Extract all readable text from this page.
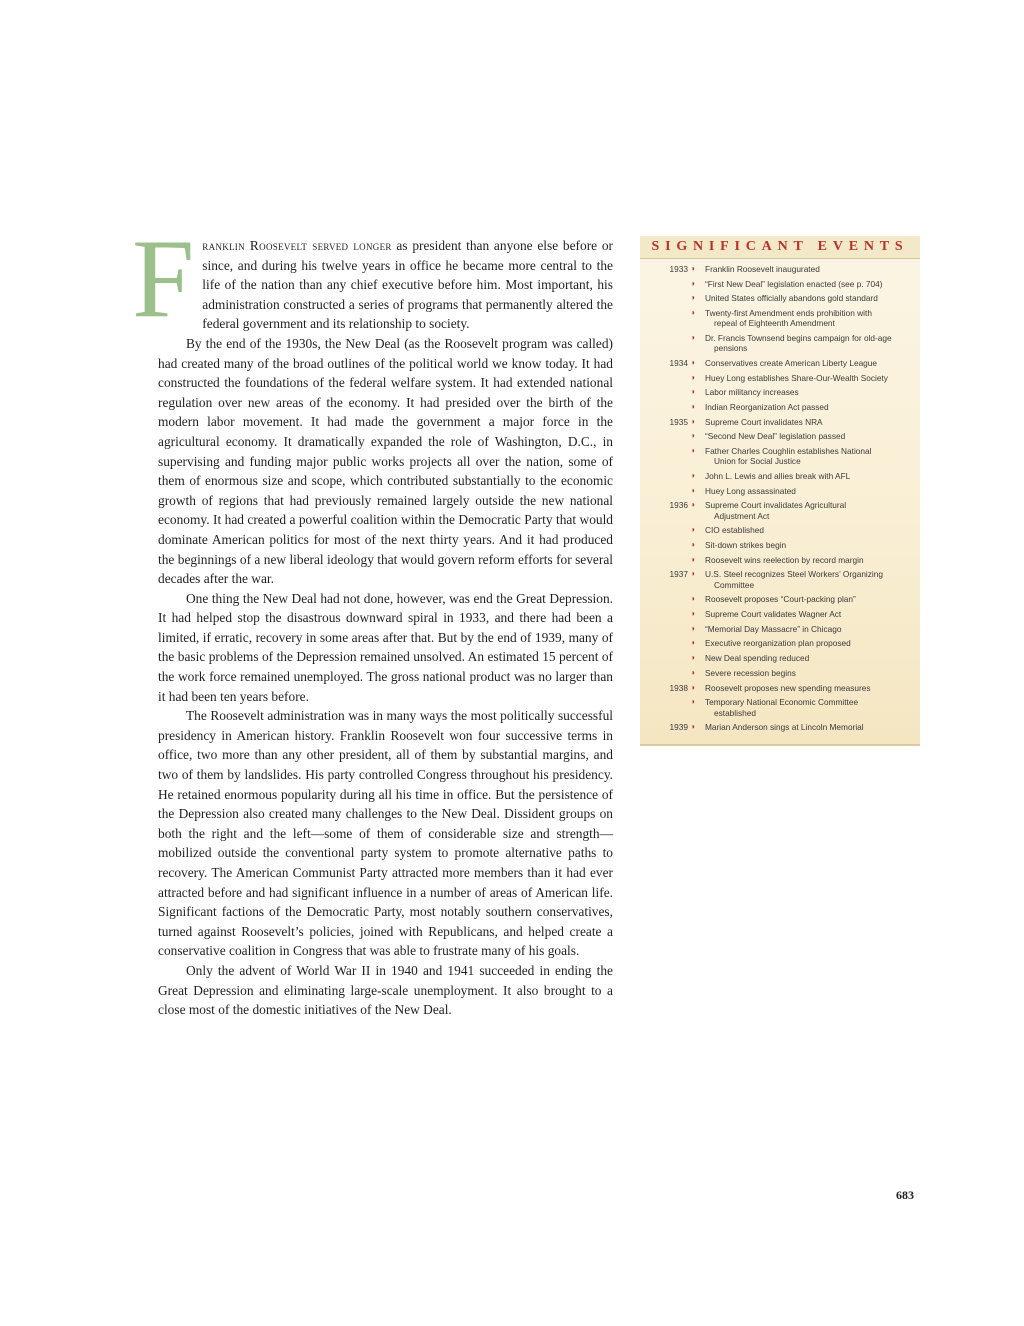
Franklin Roosevelt served longer as president than anyone else before or since, and during his twelve years in office he became more central to the life of the nation than any chief executive before him. Most important, his administration constructed a series of programs that permanently altered the federal government and its relationship to society.

By the end of the 1930s, the New Deal (as the Roosevelt program was called) had created many of the broad outlines of the political world we know today. It had constructed the foundations of the federal welfare system. It had extended national regulation over new areas of the economy. It had presided over the birth of the modern labor movement. It had made the government a major force in the agricultural economy. It dramatically expanded the role of Washington, D.C., in supervising and funding major public works projects all over the nation, some of them of enormous size and scope, which contributed substantially to the economic growth of regions that had previously remained largely outside the new national economy. It had created a powerful coalition within the Democratic Party that would dominate American politics for most of the next thirty years. And it had produced the beginnings of a new liberal ideology that would govern reform efforts for several decades after the war.

One thing the New Deal had not done, however, was end the Great Depression. It had helped stop the disastrous downward spiral in 1933, and there had been a limited, if erratic, recovery in some areas after that. But by the end of 1939, many of the basic problems of the Depression remained unsolved. An estimated 15 percent of the work force remained unemployed. The gross national product was no larger than it had been ten years before.

The Roosevelt administration was in many ways the most politically successful presidency in American history. Franklin Roosevelt won four successive terms in office, two more than any other president, all of them by substantial margins, and two of them by landslides. His party controlled Congress throughout his presidency. He retained enormous popularity during all his time in office. But the persistence of the Depression also created many challenges to the New Deal. Dissident groups on both the right and the left—some of them of considerable size and strength—mobilized outside the conventional party system to promote alternative paths to recovery. The American Communist Party attracted more members than it had ever attracted before and had significant influence in a number of areas of American life. Significant factions of the Democratic Party, most notably southern conservatives, turned against Roosevelt’s policies, joined with Republicans, and helped create a conservative coalition in Congress that was able to frustrate many of his goals.

Only the advent of World War II in 1940 and 1941 succeeded in ending the Great Depression and eliminating large-scale unemployment. It also brought to a close most of the domestic initiatives of the New Deal.

SIGNIFICANT EVENTS
1933 ◗	Franklin Roosevelt inaugurated
◗	“First New Deal” legislation enacted (see p. 704)
◗	United States officially abandons gold standard
◗	Twenty-first Amendment ends prohibition with
repeal of Eighteenth Amendment
◗	Dr. Francis Townsend begins campaign for old-age
pensions
1934 ◗	Conservatives create American Liberty League
◗	Huey Long establishes Share-Our-Wealth Society
◗	Labor militancy increases
◗	Indian Reorganization Act passed
1935 ◗	Supreme Court invalidates NRA
◗	“Second New Deal” legislation passed
◗	Father Charles Coughlin establishes National
Union for Social Justice
◗	John L. Lewis and allies break with AFL
◗	Huey Long assassinated
1936 ◗	Supreme Court invalidates Agricultural
Adjustment Act
◗	CIO established
◗	Sit-down strikes begin
◗	Roosevelt wins reelection by record margin
1937 ◗	U.S. Steel recognizes Steel Workers’ Organizing
Committee
◗	Roosevelt proposes “Court-packing plan”
◗	Supreme Court validates Wagner Act
◗	“Memorial Day Massacre” in Chicago
◗	Executive reorganization plan proposed
◗	New Deal spending reduced
◗	Severe recession begins
1938 ◗	Roosevelt proposes new spending measures
◗	Temporary National Economic Committee
established
1939 ◗	Marian Anderson sings at Lincoln Memorial
683
